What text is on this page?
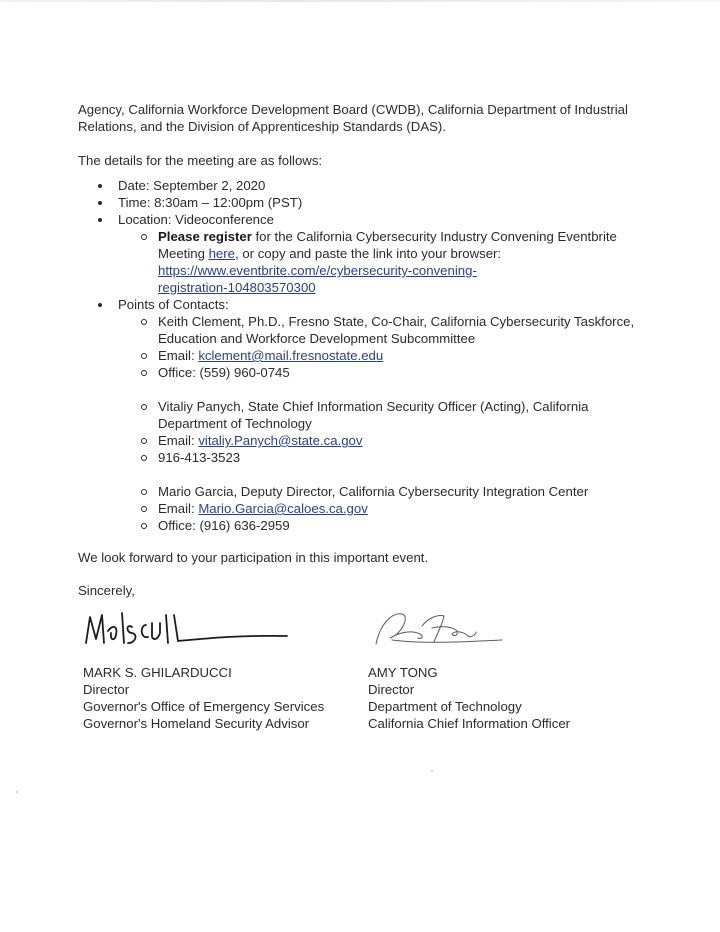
Agency, California Workforce Development Board (CWDB), California Department of Industrial Relations, and the Division of Apprenticeship Standards (DAS).

The details for the meeting are as follows:

Date: September 2, 2020
Time: 8:30am – 12:00pm (PST)
Location: Videoconference
Please register for the California Cybersecurity Industry Convening Eventbrite Meeting here, or copy and paste the link into your browser:
https://www.eventbrite.com/e/cybersecurity-convening-
registration-104803570300
Points of Contacts:
Keith Clement, Ph.D., Fresno State, Co-Chair, California Cybersecurity Taskforce, Education and Workforce Development Subcommittee
Email: kclement@mail.fresnostate.edu
Office: (559) 960-0745
Vitaliy Panych, State Chief Information Security Officer (Acting), California Department of Technology
Email: vitaliy.Panych@state.ca.gov
916-413-3523
Mario Garcia, Deputy Director, California Cybersecurity Integration Center
Email: Mario.Garcia@caloes.ca.gov
Office: (916) 636-2959

We look forward to your participation in this important event.

Sincerely,

MARK S. GHILARDUCCI
Director
Governor's Office of Emergency Services
Governor's Homeland Security Advisor
AMY TONG
Director
Department of Technology
California Chief Information Officer
